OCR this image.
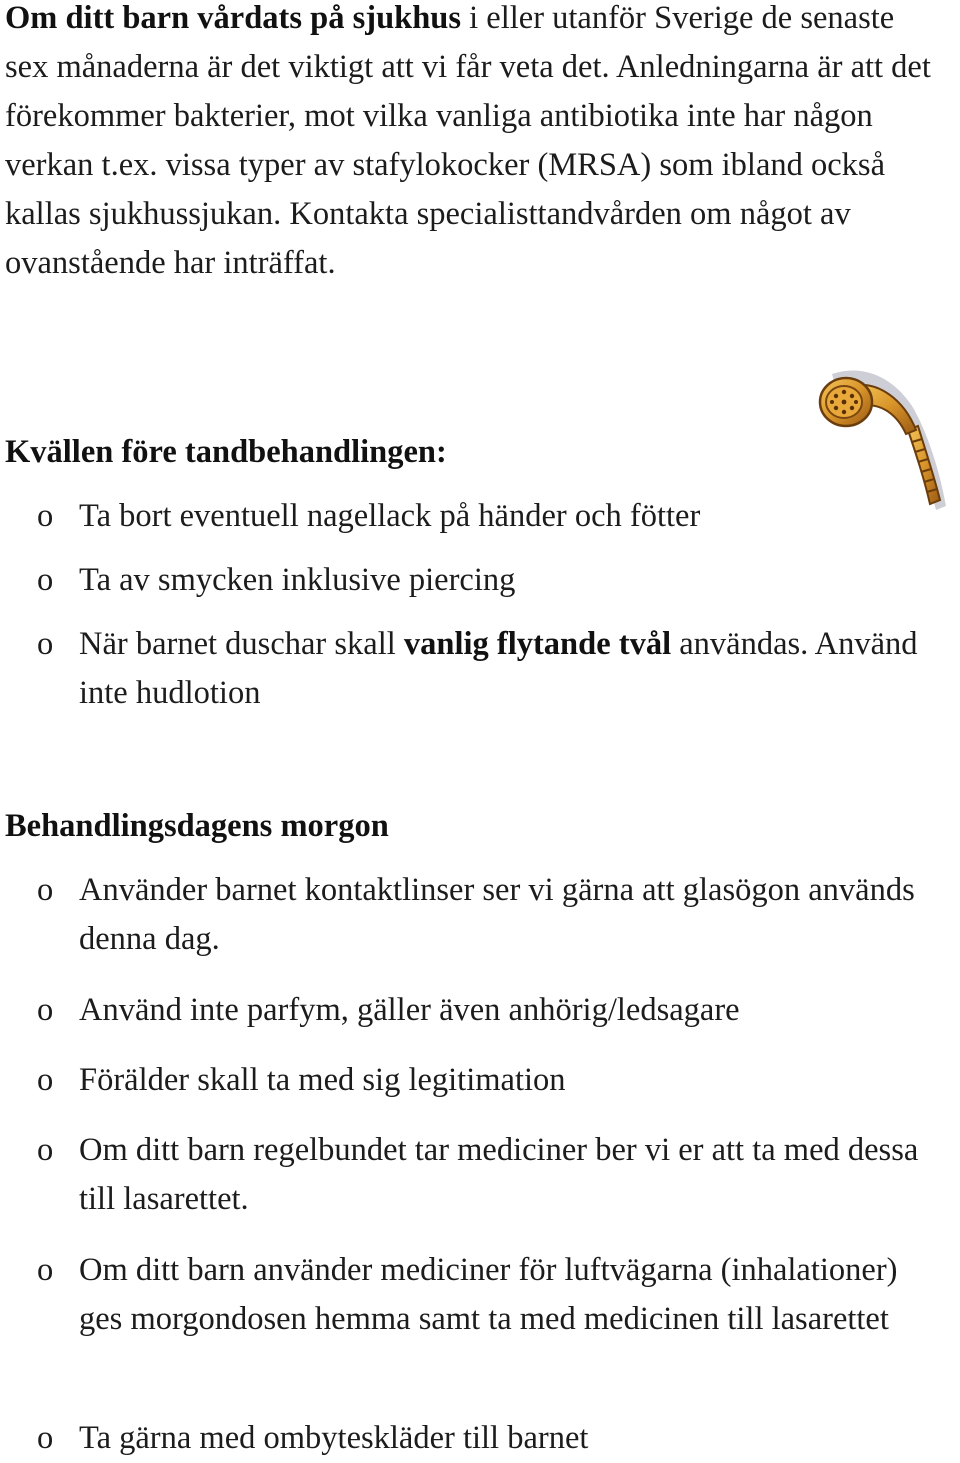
Om ditt barn vårdats på sjukhus i eller utanför Sverige de senaste sex månaderna är det viktigt att vi får veta det. Anledningarna är att det förekommer bakterier, mot vilka vanliga antibiotika inte har någon verkan t.ex. vissa typer av stafylokocker (MRSA) som ibland också kallas sjukhussjukan. Kontakta specialisttandvården om något av ovanstående har inträffat.

Kvällen före tandbehandlingen:

o Ta bort eventuell nagellack på händer och fötter

o Ta av smycken inklusive piercing

o När barnet duschar skall vanlig flytande tvål användas. Använd inte hudlotion

Behandlingsdagens morgon

o Använder barnet kontaktlinser ser vi gärna att glasögon används denna dag.

o Använd inte parfym, gäller även anhörig/ledsagare

o Förälder skall ta med sig legitimation

o Om ditt barn regelbundet tar mediciner ber vi er att ta med dessa till lasarettet.

o Om ditt barn använder mediciner för luftvägarna (inhalationer) ges morgondosen hemma samt ta med medicinen till lasarettet

o Ta gärna med ombyteskläder till barnet
